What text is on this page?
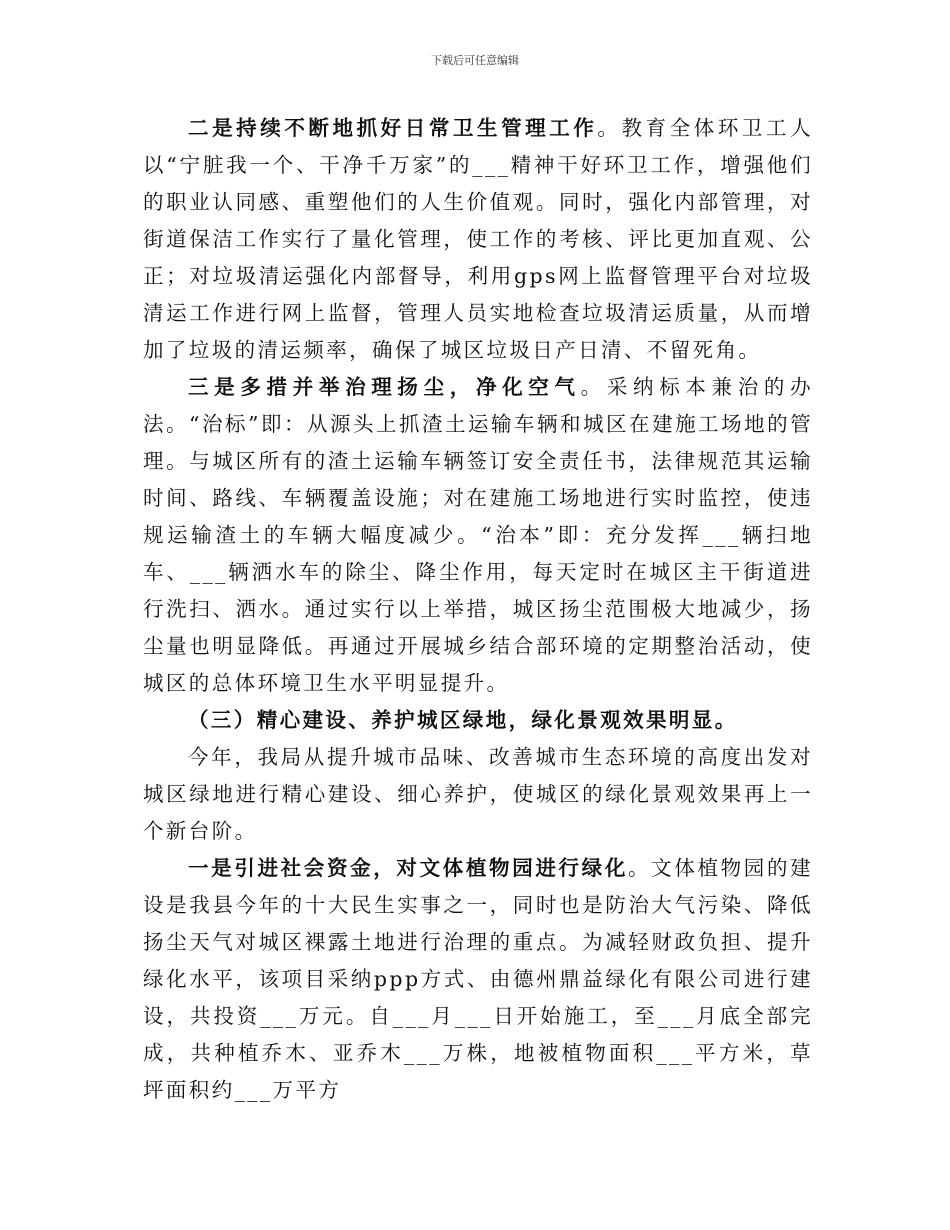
下载后可任意编辑

二是持续不断地抓好日常卫生管理工作。教育全体环卫工人以“宁脏我一个、干净千万家”的___精神干好环卫工作，增强他们的职业认同感、重塑他们的人生价值观。同时，强化内部管理，对街道保洁工作实行了量化管理，使工作的考核、评比更加直观、公正；对垃圾清运强化内部督导，利用gps网上监督管理平台对垃圾清运工作进行网上监督，管理人员实地检查垃圾清运质量，从而增加了垃圾的清运频率，确保了城区垃圾日产日清、不留死角。

三是多措并举治理扬尘，净化空气。采纳标本兼治的办法。“治标”即：从源头上抓渣土运输车辆和城区在建施工场地的管理。与城区所有的渣土运输车辆签订安全责任书，法律规范其运输时间、路线、车辆覆盖设施；对在建施工场地进行实时监控，使违规运输渣土的车辆大幅度减少。“治本”即：充分发挥___辆扫地车、___辆洒水车的除尘、降尘作用，每天定时在城区主干街道进行洗扫、洒水。通过实行以上举措，城区扬尘范围极大地减少，扬尘量也明显降低。再通过开展城乡结合部环境的定期整治活动，使城区的总体环境卫生水平明显提升。

（三）精心建设、养护城区绿地，绿化景观效果明显。

今年，我局从提升城市品味、改善城市生态环境的高度出发对城区绿地进行精心建设、细心养护，使城区的绿化景观效果再上一个新台阶。

一是引进社会资金，对文体植物园进行绿化。文体植物园的建设是我县今年的十大民生实事之一，同时也是防治大气污染、降低扬尘天气对城区裸露土地进行治理的重点。为减轻财政负担、提升绿化水平，该项目采纳ppp方式、由德州鼎益绿化有限公司进行建设，共投资___万元。自___月___日开始施工，至___月底全部完成，共种植乔木、亚乔木___万株，地被植物面积___平方米，草坪面积约___万平方
